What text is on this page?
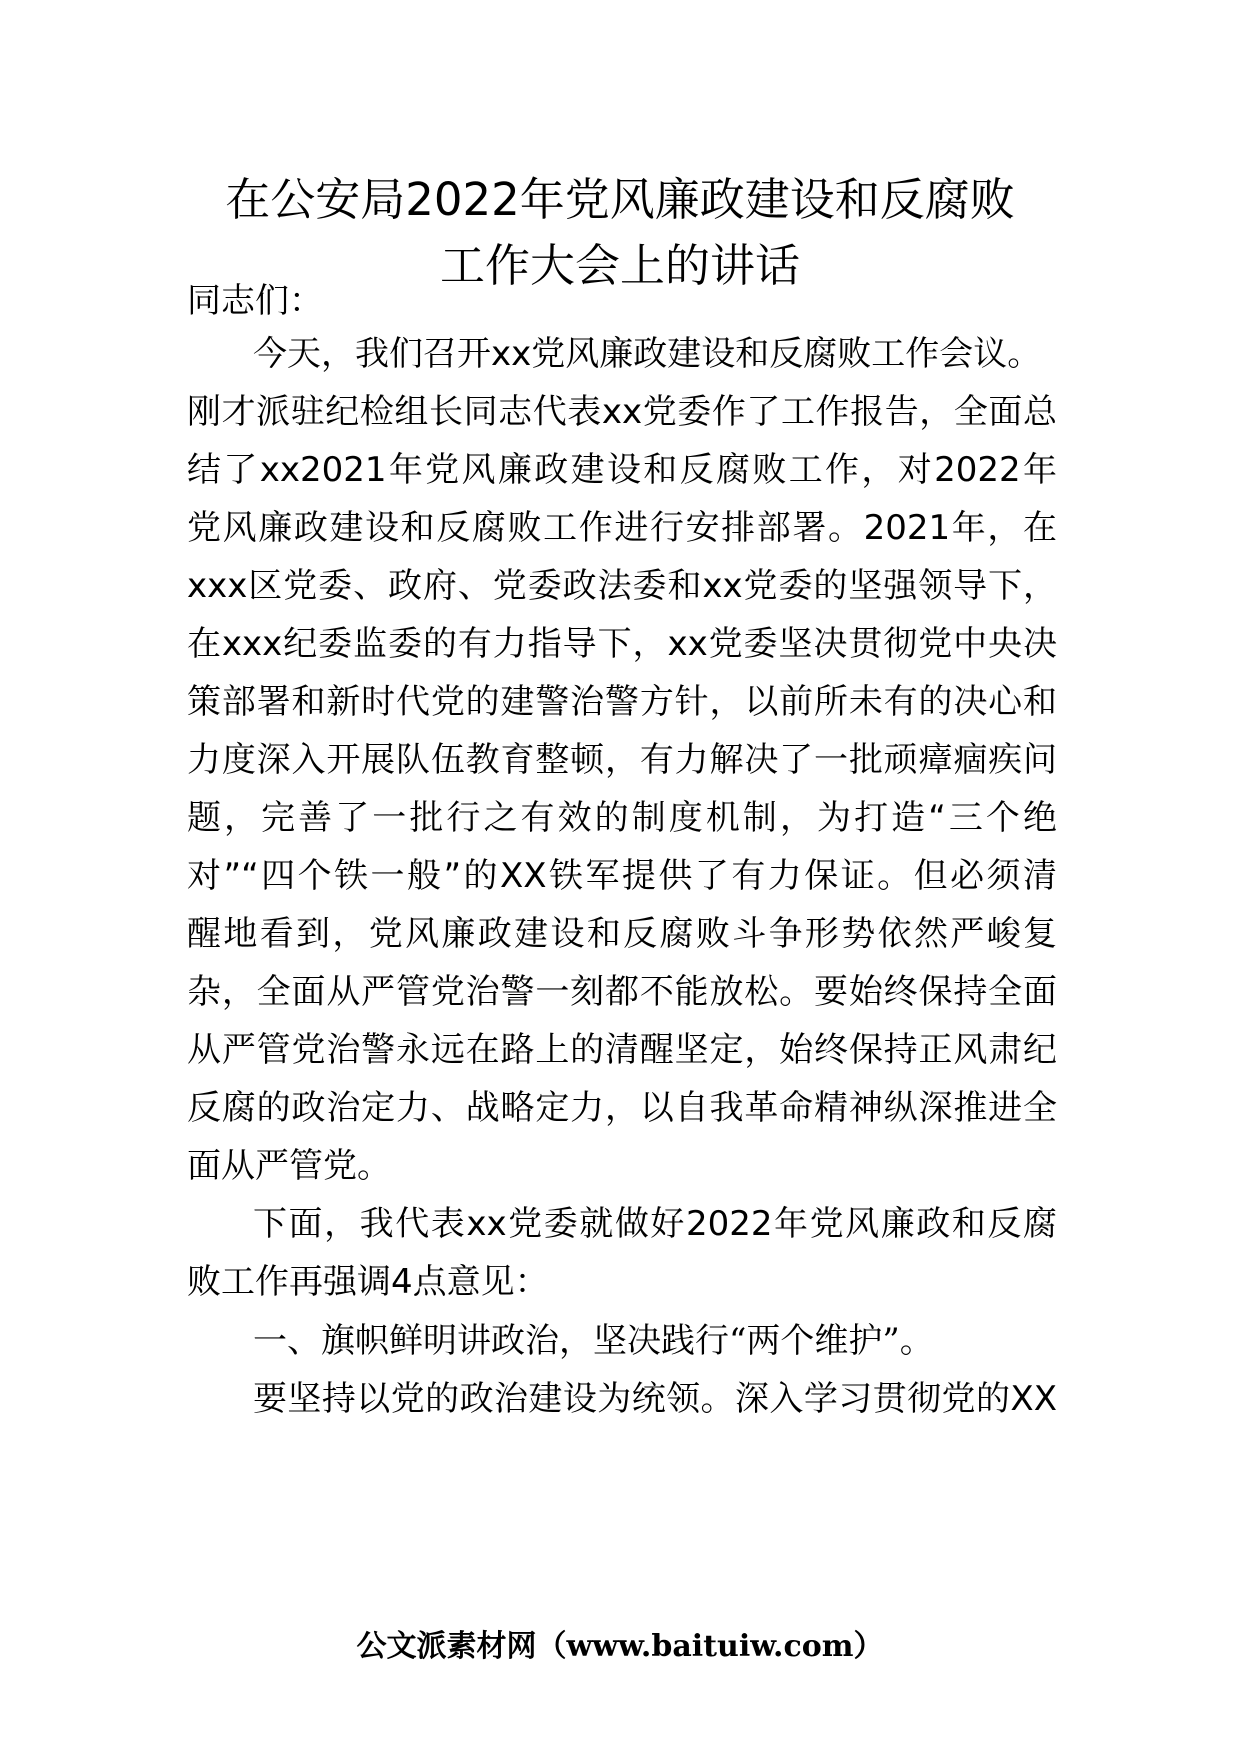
在公安局2022年党风廉政建设和反腐败
工作大会上的讲话
同志们：
今天，我们召开xx党风廉政建设和反腐败工作会议。
刚才派驻纪检组长同志代表xx党委作了工作报告，全面总
结了xx2021年党风廉政建设和反腐败工作，对2022年
党风廉政建设和反腐败工作进行安排部署。2021年，在
xxx区党委、政府、党委政法委和xx党委的坚强领导下，
在xxx纪委监委的有力指导下，xx党委坚决贯彻党中央决
策部署和新时代党的建警治警方针，以前所未有的决心和
力度深入开展队伍教育整顿，有力解决了一批顽瘴痼疾问
题，完善了一批行之有效的制度机制，为打造“三个绝
对”“四个铁一般”的XX铁军提供了有力保证。但必须清
醒地看到，党风廉政建设和反腐败斗争形势依然严峻复
杂，全面从严管党治警一刻都不能放松。要始终保持全面
从严管党治警永远在路上的清醒坚定，始终保持正风肃纪
反腐的政治定力、战略定力，以自我革命精神纵深推进全
面从严管党。
下面，我代表xx党委就做好2022年党风廉政和反腐
败工作再强调4点意见：
一、旗帜鲜明讲政治，坚决践行“两个维护”。
要坚持以党的政治建设为统领。深入学习贯彻党的XX
公文派素材网（www.baituiw.com）
